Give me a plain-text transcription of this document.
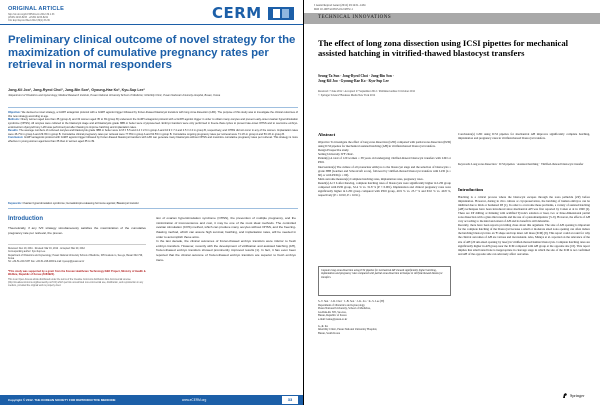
ORIGINAL ARTICLE
http://dx.doi.org/10.5653/cerm.2012.39.1.33
pISSN 2233-8233 · eISSN 2233-8241
Clin Exp Reprod Med 2012;39(1):33-39	CERM
Preliminary clinical outcome of novel strategy for the maximization of cumulative pregnancy rates per retrieval in normal responders
Jong-Kil Joo¹, Jong-Ryeol Choi¹, Jung-Bin Son¹, Gyoung-Hae Ko¹, Kyu-Sup Lee¹
¹Department of Obstetrics and Gynecology, Medical Research Institute, Pusan National University School of Medicine; ²Infertility Clinic, Pusan National University Hospital, Busan, Korea

Objective: We devised a novel strategy, a GnRH antagonist protocol with a GnRH agonist trigger followed by frozen-thawed blastocyst transfers with long zona dissection (LZD). The purpose of this study was to investigate the clinical outcomes of this new strategy according to age.

Methods: Ninety women aged less than 35 (group A) and 32 women aged 35 to 39 (group B) underwent the GnRH antagonist protocol with a GnRH agonist trigger in order to obtain many oocytes and prevent early-onset ovarian hyperstimulation syndrome (OHSS). All oocytes were cultured to the blastocyst stage and all blastocysts grade 3BB or better were cryopreserved. Embryo transfers were only performed in freeze-thaw cycles to prevent late-onset OHSS and to overcome embryo-endometrium dyssynchrony. LZD was performed just after thawing to improve hatching and implantation rates.

Results: The average numbers of retrieved oocytes and blastocysts grade 3BB or better were 12.8 ± 5.5 and 4.4 ± 2.6 in group A and 10.9 ± 7.4 and 2.5 ± 2.2 in group B, respectively, and OHSS did not occur in any of the women. Implantation rates were 46.7% in group A and 29.3% in group B. Cumulative clinical pregnancy rates per retrieval were 77.8% in group A and 62.5% in group B. Cumulative ongoing pregnancy rates per retrieval were 71.1% in group A and 53.1% in group B.

Conclusion: GnRH antagonist protocol with GnRH agonist trigger followed by frozen-thawed blastocyst transfers with LZD can generate many blastocysts without OHSS and maximize cumulative pregnancy rates per retrieval. This strategy is more effective in young women aged less than 35 than in women aged 35 to 39.

Keywords: Ovarian hyperstimulation syndrome; Gonadotropin-releasing hormone agonist; Blastocyst transfer
Introduction
Theoretically, if any IVF strategy simultaneously satisfies the maximization of the cumulative pregnancy rate per retrieval, the preven-
Received: Dec 19, 2011 · Revised: Mar 16, 2012 · Accepted: Mar 20, 2012
Corresponding author: Kyu-Sup Lee
Department of Obstetrics and Gynecology, Pusan National University School of Medicine, 305 Gudeok-ro, Seo-gu, Busan 602-739, Korea
Tel: +82-51-240-7287 Fax: +82-51-248-2384 E-mail: kyusup@pusan.ac.kr
*This study was supported by a grant from the Korean Healthcare Technology R&D Project, Ministry of Health & Welfare, Republic of Korea (A084923).
This is an Open Access article distributed under the terms of the Creative Commons Attribution Non-Commercial License (http://creativecommons.org/licenses/by-nc/3.0/) which permits unrestricted non-commercial use, distribution, and reproduction in any medium, provided the original work is properly cited.
tion of ovarian hyperstimulation syndrome (OHSS), the prevention of multiple pregnancy, and the minimization of inconvenience and cost, it may be one of the most ideal methods. The controlled ovarian stimulation (COS) method, which can produce many oocytes without OHSS, and the freezing-thawing method, which can assure high survival, hatching, and implantation rates, will be needed in order to accomplish these aims.
In the last decade, the clinical outcomes of frozen-thawed embryo transfers were inferior to fresh embryo transfers. However, recently with the development of vitrification and assisted hatching (AH), frozen-thawed embryo transfers showed prominently improved results [1]. In fact, it has even been reported that the clinical outcome of frozen-thawed embryo transfers are superior to fresh embryo trans-
Copyright © 2012. THE KOREAN SOCIETY FOR REPRODUCTIVE MEDICINE	www.eCERM.org	33
J Assist Reprod Genet (2012) 29:1431–1434
DOI 10.1007/s10815-012-9872-1
TECHNICAL INNOVATIONS
The effect of long zona dissection using ICSI pipettes for mechanical assisted hatching in vitrified-thawed blastocyst transfers
Seung-Ta Sun · Jong-Ryeol Choi · Jung-Bin Son ·
Jong-Kil Joo · Gyoung-Rae Ko · Kyu-Sup Lee
Received: 7 June 2012 / Accepted: 27 September 2012 / Published online: 6 October 2012
© Springer Science+Business Media New York 2012
Abstract
Objective To investigate the effect of long zona dissection (LZD) compared with partial zona dissection (PZD) using ICSI pipettes for mechanical assisted hatching (AH) in vitrified-thawed blastocyst transfers.
Design Prospective study.
Setting University IVF clinic.
Patient(s) A total of 120 women ≤ 38 years old undergoing vitrified-thawed blastocyst transfers with LZD or PZD.
Intervention(s) The culture of all pronuclear embryos to the blastocyst stage and the selection of blastocysts ≥ grade 3BB (Gardner and Schoolcraft score), followed by vitrified-thawed blastocyst transfers with LZD (n = 60) or with PZD (n = 60).
Main outcome measure(s) Complete hatching rates, implantation rates, pregnancy rates.
Result(s) At 3 h after thawing, complete hatching rates of blastocysts were significantly higher in LZD group compared with PZD group, 52.4 % vs. 31.8 % (P < 0.001). Implantation and clinical pregnancy rates were significantly higher in LZD group compared with PZD group, 40.9 % vs. 25.7 % and 63.0 % vs. 40.8 %, respectively (P = 0.010, P = 0.011).
Capsule Long zona dissection using ICSI pipettes for mechanical AH showed significantly higher hatching, implantation and pregnancy rates compared with partial zona dissection technique in vitrified-thawed blastocyst transfers.
S.-T. Sun · J.-R. Choi · J.-B. Son · J.-K. Joo · K.-S. Lee (✉)
Department of Obstetrics and Gynecology,
Pusan National University, School of Medicine,
Gu-Duk-Ro 305, Seo-Gu,
Busan, Republic of Korea
e-mail: kslee@pusan.ac.kr

G.-R. Ko
Infertility Clinic, Pusan National University Hospital,
Busan, South Korea
Conclusion(s) LZD using ICSI pipettes for mechanical AH improves significantly complete hatching, implantation and pregnancy rates in vitrified-thawed blastocyst transfers.
Keywords Long zona dissection · ICSI pipettes · Assisted hatching · Vitrified-thawed blastocyst transfer
Introduction
Hatching is a critical process where the blastocyst escapes through the zona pellucida (ZP) before implantation. However, during in vitro culture or cryopreservation, the hatching of human embryos can be inhibited due to thick or hardened ZP [1]. In order to overcome these problems, a variety of assisted hatching (AH) techniques have been introduced since mechanical AH was first reported by Cohen et al in 1990 [2]. There are ZP drilling or thinning with acidified Tyrode's solution or laser, two or three-dimensional partial zona dissection with a glass microneedle and the use of a piezomanipulator [3–9]. However, the effects of AH vary according to the kind and extent of AH and its benefit is still debatable.
Recently, there have been reports providing clues about this argument. The size of AH opening is important for the complete hatching of the blastocyst because a small or moderate sized zona opening can often induce the hatching blastocyst into an '8' shape and trap inner cell mass (ICM) [9]. This report could account for why the clinical outcomes of AH are various and inconsistent. Also, Mizuya et al. reported on the relevance of the site of AH (20 um-sized opening by laser) in vitrified-thawed human blastocysts. Complete hatching rates are significantly higher in AH group near the ICM compared with AH group at the opposite site [10]. This report implies that small sized hole is inappropriate in cleavage stage in which the site of the ICM is not confirmed and AH of the opposite side can adversely affect outcomes.
Springer
